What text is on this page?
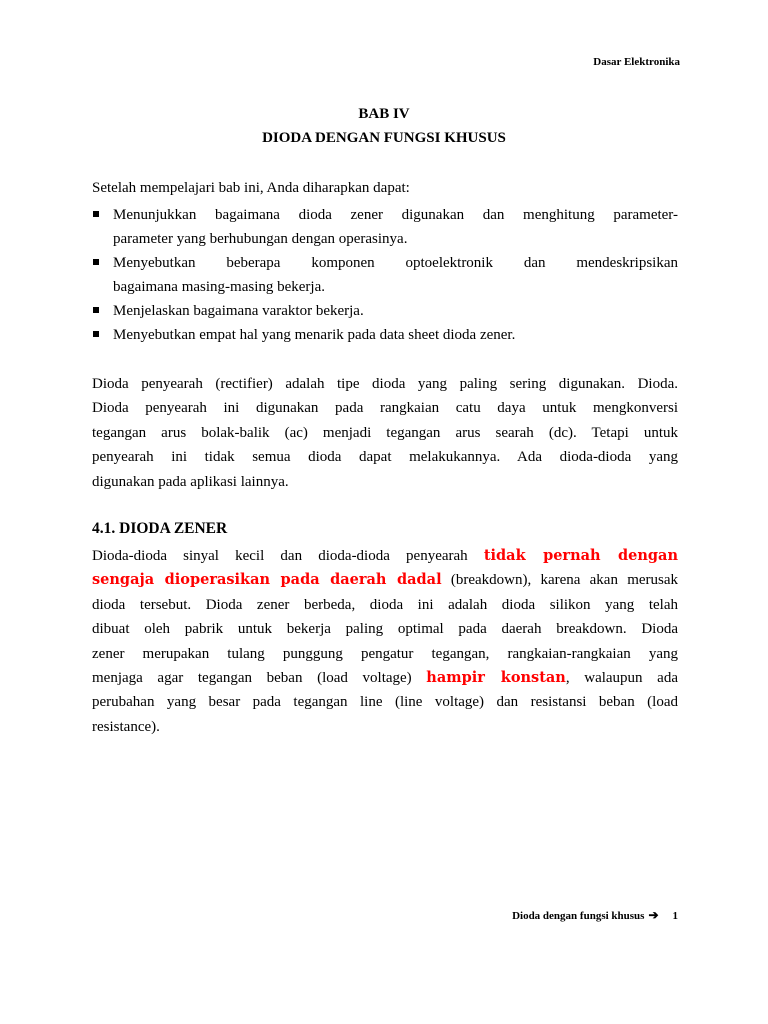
Dasar Elektronika
BAB IV
DIODA DENGAN FUNGSI KHUSUS
Setelah mempelajari bab ini, Anda diharapkan dapat:
Menunjukkan bagaimana dioda zener digunakan dan menghitung parameter-
parameter yang berhubungan dengan operasinya.
Menyebutkan beberapa komponen optoelektronik dan mendeskripsikan
bagaimana masing-masing bekerja.
Menjelaskan bagaimana varaktor bekerja.
Menyebutkan empat hal yang menarik pada data sheet dioda zener.
Dioda penyearah (rectifier) adalah tipe dioda yang paling sering digunakan. Dioda.
Dioda penyearah ini digunakan pada rangkaian catu daya untuk mengkonversi
tegangan arus bolak-balik (ac) menjadi tegangan arus searah (dc). Tetapi untuk
penyearah ini tidak semua dioda dapat melakukannya. Ada dioda-dioda yang
digunakan pada aplikasi lainnya.
4.1. DIODA ZENER
Dioda-dioda sinyal kecil dan dioda-dioda penyearah tidak pernah dengan
sengaja dioperasikan pada daerah dadal (breakdown), karena akan merusak
dioda tersebut. Dioda zener berbeda, dioda ini adalah dioda silikon yang telah
dibuat oleh pabrik untuk bekerja paling optimal pada daerah breakdown. Dioda
zener merupakan tulang punggung pengatur tegangan, rangkaian-rangkaian yang
menjaga agar tegangan beban (load voltage) hampir konstan, walaupun ada
perubahan yang besar pada tegangan line (line voltage) dan resistansi beban (load
resistance).
Dioda dengan fungsi khusus ➔ 1
